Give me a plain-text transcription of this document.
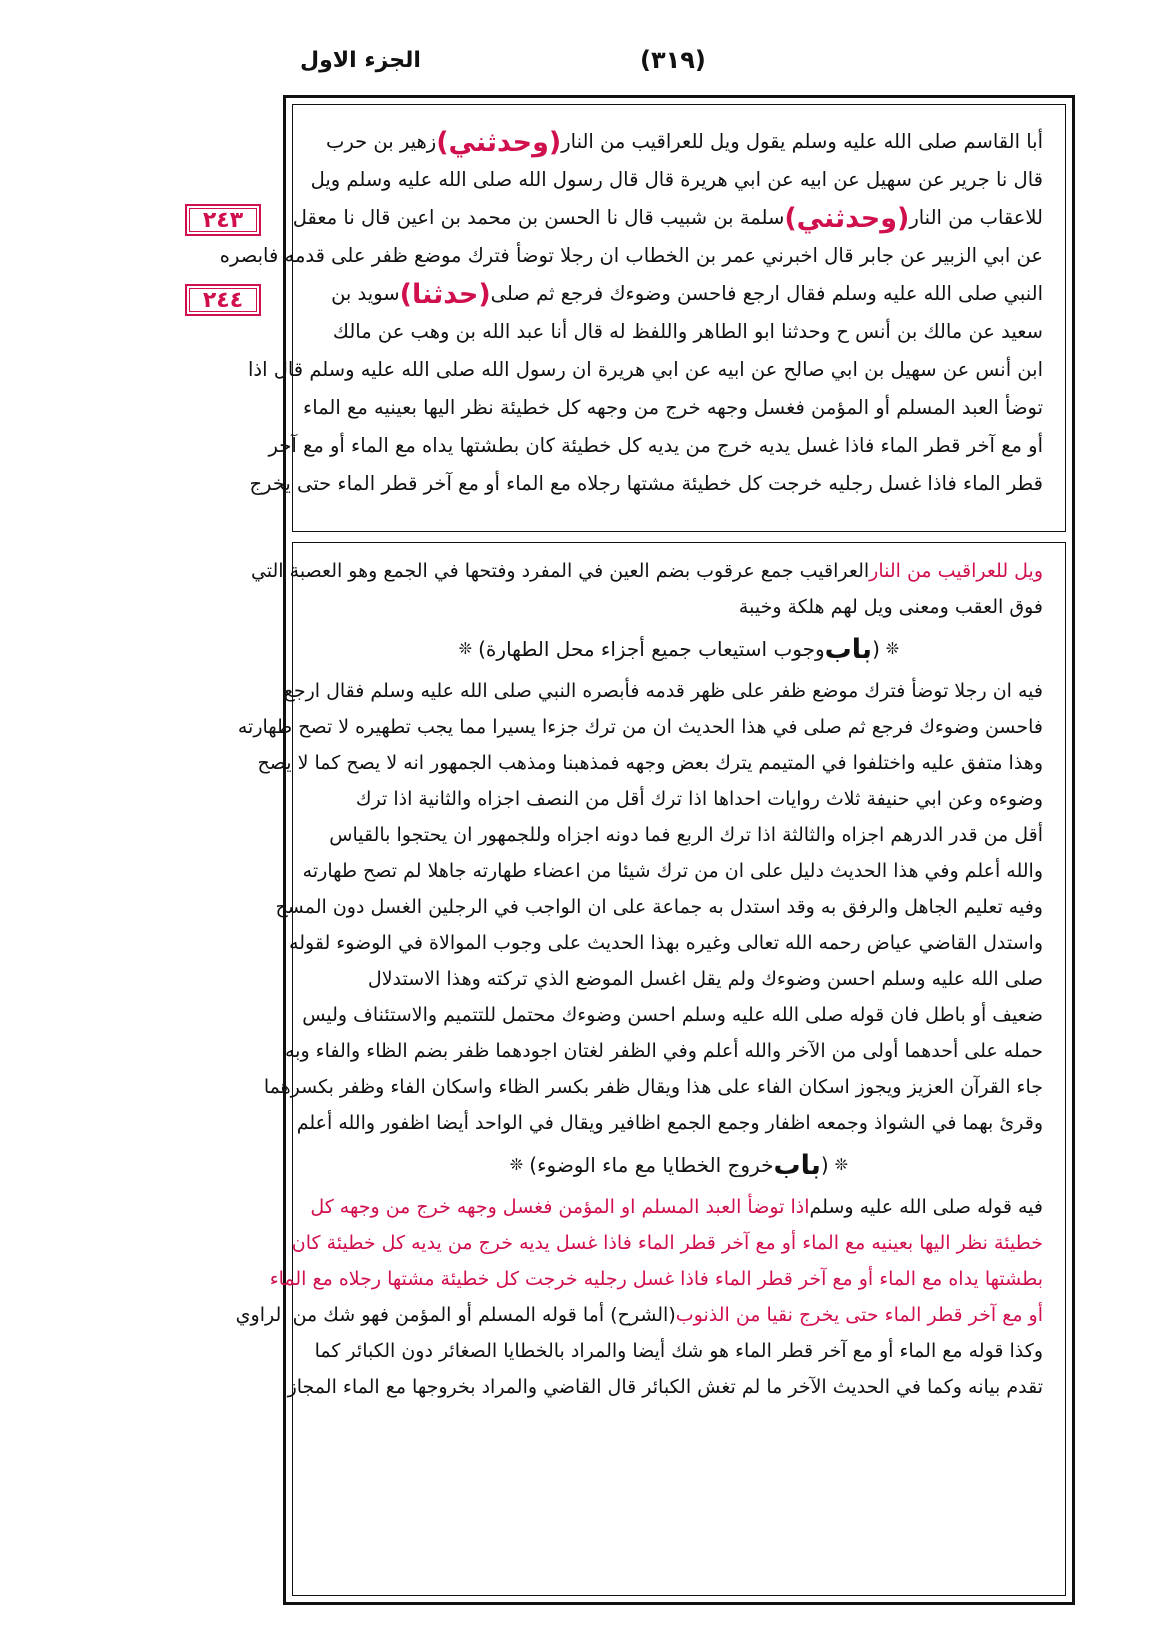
الجزء الاول	(٣١٩)
٢٤٣
٢٤٤
أبا القاسم صلى الله عليه وسلم يقول ويل للعراقيب من النار
(وحدثني)
زهير بن حرب
قال نا جرير عن سهيل عن ابيه عن ابي هريرة قال قال رسول الله صلى الله عليه وسلم ويل
للاعقاب من النار
(وحدثني)
سلمة بن شبيب قال نا الحسن بن محمد بن اعين قال نا معقل
عن ابي الزبير عن جابر قال اخبرني عمر بن الخطاب ان رجلا توضأ فترك موضع ظفر على قدمه فابصره
النبي صلى الله عليه وسلم فقال ارجع فاحسن وضوءك فرجع ثم صلى
(حدثنا)
سويد بن
سعيد عن مالك بن أنس ح وحدثنا ابو الطاهر واللفظ له قال أنا عبد الله بن وهب عن مالك
ابن أنس عن سهيل بن ابي صالح عن ابيه عن ابي هريرة ان رسول الله صلى الله عليه وسلم قال اذا
توضأ العبد المسلم أو المؤمن فغسل وجهه خرج من وجهه كل خطيئة نظر اليها بعينيه مع الماء
أو مع آخر قطر الماء فاذا غسل يديه خرج من يديه كل خطيئة كان بطشتها يداه مع الماء أو مع آخر
قطر الماء فاذا غسل رجليه خرجت كل خطيئة مشتها رجلاه مع الماء أو مع آخر قطر الماء حتى يخرج
ويل للعراقيب من النار
العراقيب جمع عرقوب بضم العين في المفرد وفتحها في الجمع وهو العصبة التي
فوق العقب ومعنى ويل لهم هلكة وخيبة
❊
(
باب
وجوب استيعاب جميع أجزاء محل الطهارة)
❊
فيه ان رجلا توضأ فترك موضع ظفر على ظهر قدمه فأبصره النبي صلى الله عليه وسلم فقال ارجع
فاحسن وضوءك فرجع ثم صلى في هذا الحديث ان من ترك جزءا يسيرا مما يجب تطهيره لا تصح طهارته
وهذا متفق عليه واختلفوا في المتيمم يترك بعض وجهه فمذهبنا ومذهب الجمهور انه لا يصح كما لا يصح
وضوءه وعن ابي حنيفة ثلاث روايات احداها اذا ترك أقل من النصف اجزاه والثانية اذا ترك
أقل من قدر الدرهم اجزاه والثالثة اذا ترك الربع فما دونه اجزاه وللجمهور ان يحتجوا بالقياس
والله أعلم وفي هذا الحديث دليل على ان من ترك شيئا من اعضاء طهارته جاهلا لم تصح طهارته
وفيه تعليم الجاهل والرفق به وقد استدل به جماعة على ان الواجب في الرجلين الغسل دون المسح
واستدل القاضي عياض رحمه الله تعالى وغيره بهذا الحديث على وجوب الموالاة في الوضوء لقوله
صلى الله عليه وسلم احسن وضوءك ولم يقل اغسل الموضع الذي تركته وهذا الاستدلال
ضعيف أو باطل فان قوله صلى الله عليه وسلم احسن وضوءك محتمل للتتميم والاستئناف وليس
حمله على أحدهما أولى من الآخر والله أعلم وفي الظفر لغتان اجودهما ظفر بضم الظاء والفاء وبه
جاء القرآن العزيز ويجوز اسكان الفاء على هذا ويقال ظفر بكسر الظاء واسكان الفاء وظفر بكسرهما
وقرئ بهما في الشواذ وجمعه اظفار وجمع الجمع اظافير ويقال في الواحد أيضا اظفور والله أعلم
❊
(
باب
خروج الخطايا مع ماء الوضوء)
❊
فيه قوله صلى الله عليه وسلم
اذا توضأ العبد المسلم او المؤمن فغسل وجهه خرج من وجهه كل
خطيئة نظر اليها بعينيه مع الماء أو مع آخر قطر الماء فاذا غسل يديه خرج من يديه كل خطيئة كان
بطشتها يداه مع الماء أو مع آخر قطر الماء فاذا غسل رجليه خرجت كل خطيئة مشتها رجلاه مع الماء
أو مع آخر قطر الماء حتى يخرج نقيا من الذنوب
(الشرح) أما قوله المسلم أو المؤمن فهو شك من الراوي
وكذا قوله مع الماء أو مع آخر قطر الماء هو شك أيضا والمراد بالخطايا الصغائر دون الكبائر كما
تقدم بيانه وكما في الحديث الآخر ما لم تغش الكبائر قال القاضي والمراد بخروجها مع الماء المجاز
